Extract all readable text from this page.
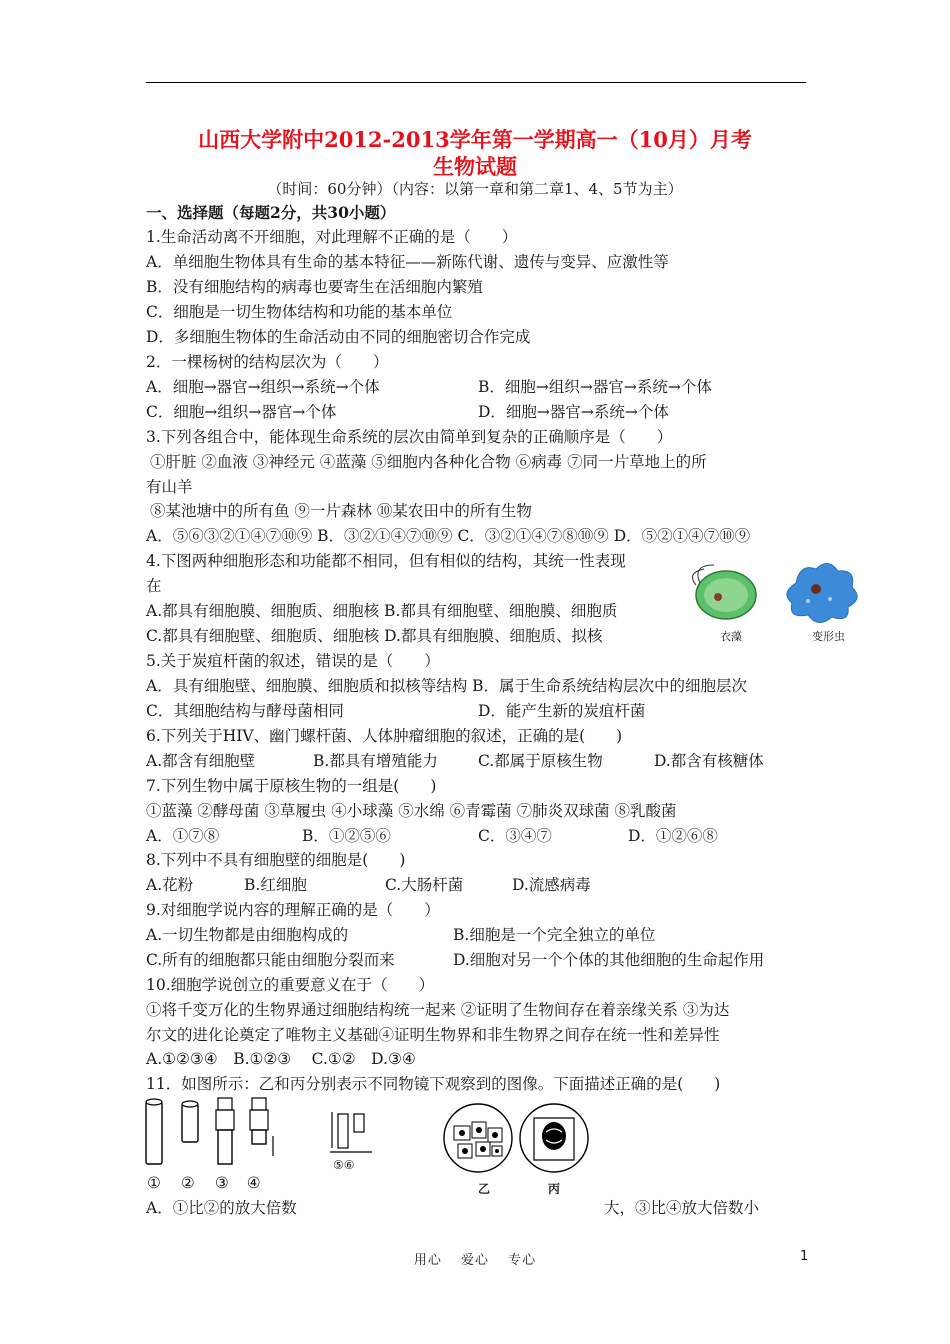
山西大学附中2012-2013学年第一学期高一（10月）月考
生物试题
（时间：60分钟）（内容：以第一章和第二章1、4、5节为主）
一、选择题（每题2分，共30小题）
1.生命活动离不开细胞，对此理解不正确的是（　　）
A．单细胞生物体具有生命的基本特征——新陈代谢、遗传与变异、应激性等
B．没有细胞结构的病毒也要寄生在活细胞内繁殖
C．细胞是一切生物体结构和功能的基本单位
D．多细胞生物体的生命活动由不同的细胞密切合作完成
2．一棵杨树的结构层次为（　　）
A．细胞→器官→组织→系统→个体	B．细胞→组织→器官→系统→个体
C．细胞→组织→器官→个体	D．细胞→器官→系统→个体
3.下列各组合中，能体现生命系统的层次由简单到复杂的正确顺序是（　　）
①肝脏 ②血液 ③神经元 ④蓝藻 ⑤细胞内各种化合物 ⑥病毒 ⑦同一片草地上的所
有山羊
⑧某池塘中的所有鱼 ⑨一片森林 ⑩某农田中的所有生物
A．⑤⑥③②①④⑦⑩⑨ B．③②①④⑦⑩⑨ C．③②①④⑦⑧⑩⑨ D．⑤②①④⑦⑩⑨
4.下图两种细胞形态和功能都不相同，但有相似的结构，其统一性表现
在
A.都具有细胞膜、细胞质、细胞核 B.都具有细胞壁、细胞膜、细胞质
C.都具有细胞壁、细胞质、细胞核 D.都具有细胞膜、细胞质、拟核	衣藻	变形虫
5.关于炭疽杆菌的叙述，错误的是（　　）
A．具有细胞壁、细胞膜、细胞质和拟核等结构 B．属于生命系统结构层次中的细胞层次
C．其细胞结构与酵母菌相同	D．能产生新的炭疽杆菌
6.下列关于HIV、幽门螺杆菌、人体肿瘤细胞的叙述，正确的是(　　)
A.都含有细胞壁	B.都具有增殖能力	C.都属于原核生物	D.都含有核糖体
7.下列生物中属于原核生物的一组是(　　)
①蓝藻 ②酵母菌 ③草履虫 ④小球藻 ⑤水绵 ⑥青霉菌 ⑦肺炎双球菌 ⑧乳酸菌
A．①⑦⑧	B．①②⑤⑥	C．③④⑦	D．①②⑥⑧
8.下列中不具有细胞壁的细胞是(　　)
A.花粉	B.红细胞	C.大肠杆菌	D.流感病毒
9.对细胞学说内容的理解正确的是（　　）
A.一切生物都是由细胞构成的	B.细胞是一个完全独立的单位
C.所有的细胞都只能由细胞分裂而来	D.细胞对另一个个体的其他细胞的生命起作用
10.细胞学说创立的重要意义在于（　　）
①将千变万化的生物界通过细胞结构统一起来 ②证明了生物间存在着亲缘关系 ③为达
尔文的进化论奠定了唯物主义基础④证明生物界和非生物界之间存在统一性和差异性
A.①②③④　B.①②③　 C.①②　D.③④
11．如图所示：乙和丙分别表示不同物镜下观察到的图像。下面描述正确的是(　　)
① ② ③ ④
⑤⑥
乙	丙
A．①比②的放大倍数	大，③比④放大倍数小
用心　 爱心　 专心	1
